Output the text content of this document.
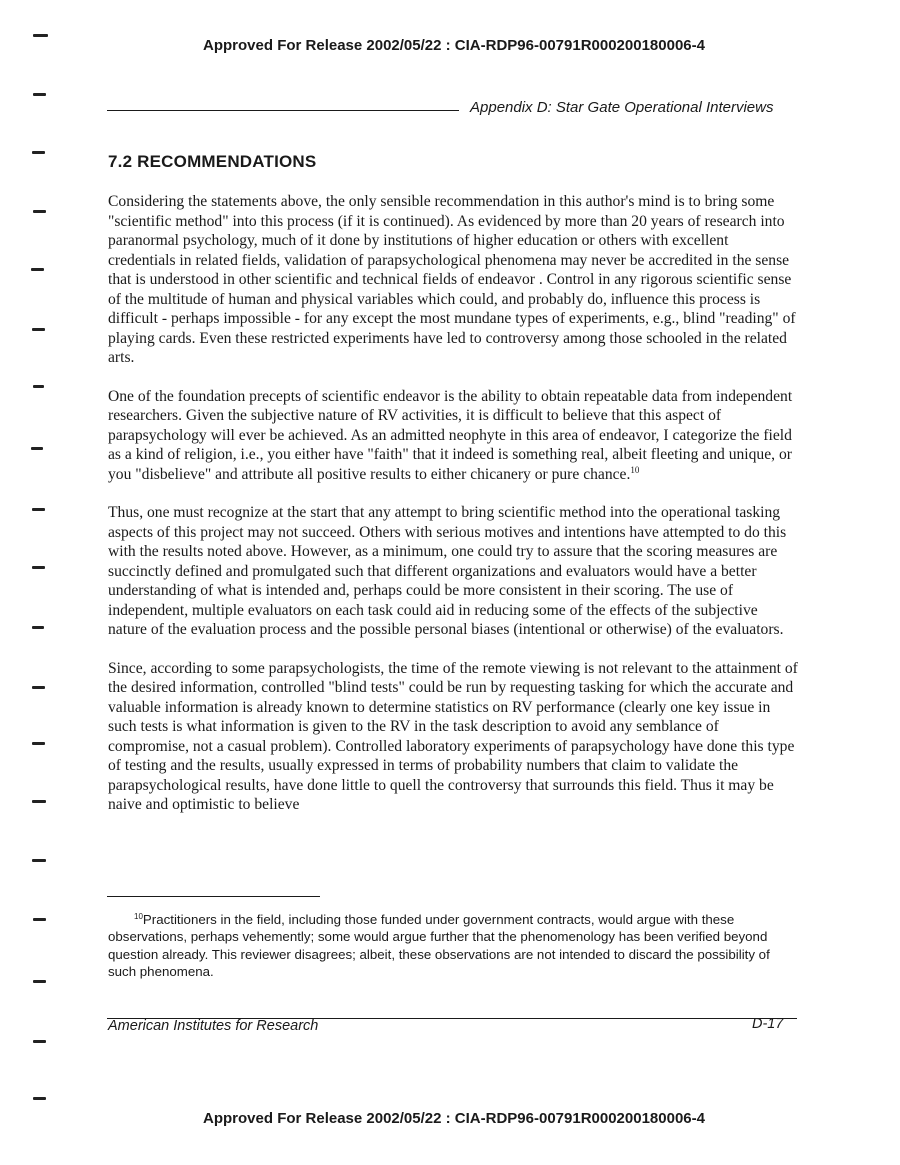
Approved For Release 2002/05/22 : CIA-RDP96-00791R000200180006-4
Appendix D: Star Gate Operational Interviews
7.2 RECOMMENDATIONS

Considering the statements above, the only sensible recommendation in this author's mind is to bring some "scientific method" into this process (if it is continued). As evidenced by more than 20 years of research into paranormal psychology, much of it done by institutions of higher education or others with excellent credentials in related fields, validation of parapsychological phenomena may never be accredited in the sense that is understood in other scientific and technical fields of endeavor . Control in any rigorous scientific sense of the multitude of human and physical variables which could, and probably do, influence this process is difficult - perhaps impossible - for any except the most mundane types of experiments, e.g., blind "reading" of playing cards. Even these restricted experiments have led to controversy among those schooled in the related arts.

One of the foundation precepts of scientific endeavor is the ability to obtain repeatable data from independent researchers. Given the subjective nature of RV activities, it is difficult to believe that this aspect of parapsychology will ever be achieved. As an admitted neophyte in this area of endeavor, I categorize the field as a kind of religion, i.e., you either have "faith" that it indeed is something real, albeit fleeting and unique, or you "disbelieve" and attribute all positive results to either chicanery or pure chance.$^{10}$

Thus, one must recognize at the start that any attempt to bring scientific method into the operational tasking aspects of this project may not succeed. Others with serious motives and intentions have attempted to do this with the results noted above. However, as a minimum, one could try to assure that the scoring measures are succinctly defined and promulgated such that different organizations and evaluators would have a better understanding of what is intended and, perhaps could be more consistent in their scoring. The use of independent, multiple evaluators on each task could aid in reducing some of the effects of the subjective nature of the evaluation process and the possible personal biases (intentional or otherwise) of the evaluators.

Since, according to some parapsychologists, the time of the remote viewing is not relevant to the attainment of the desired information, controlled "blind tests" could be run by requesting tasking for which the accurate and valuable information is already known to determine statistics on RV performance (clearly one key issue in such tests is what information is given to the RV in the task description to avoid any semblance of compromise, not a casual problem). Controlled laboratory experiments of parapsychology have done this type of testing and the results, usually expressed in terms of probability numbers that claim to validate the parapsychological results, have done little to quell the controversy that surrounds this field. Thus it may be naive and optimistic to believe

$^{10}$Practitioners in the field, including those funded under government contracts, would argue with these observations, perhaps vehemently; some would argue further that the phenomenology has been verified beyond question already. This reviewer disagrees; albeit, these observations are not intended to discard the possibility of such phenomena.

American Institutes for Research	D-17
Approved For Release 2002/05/22 : CIA-RDP96-00791R000200180006-4
